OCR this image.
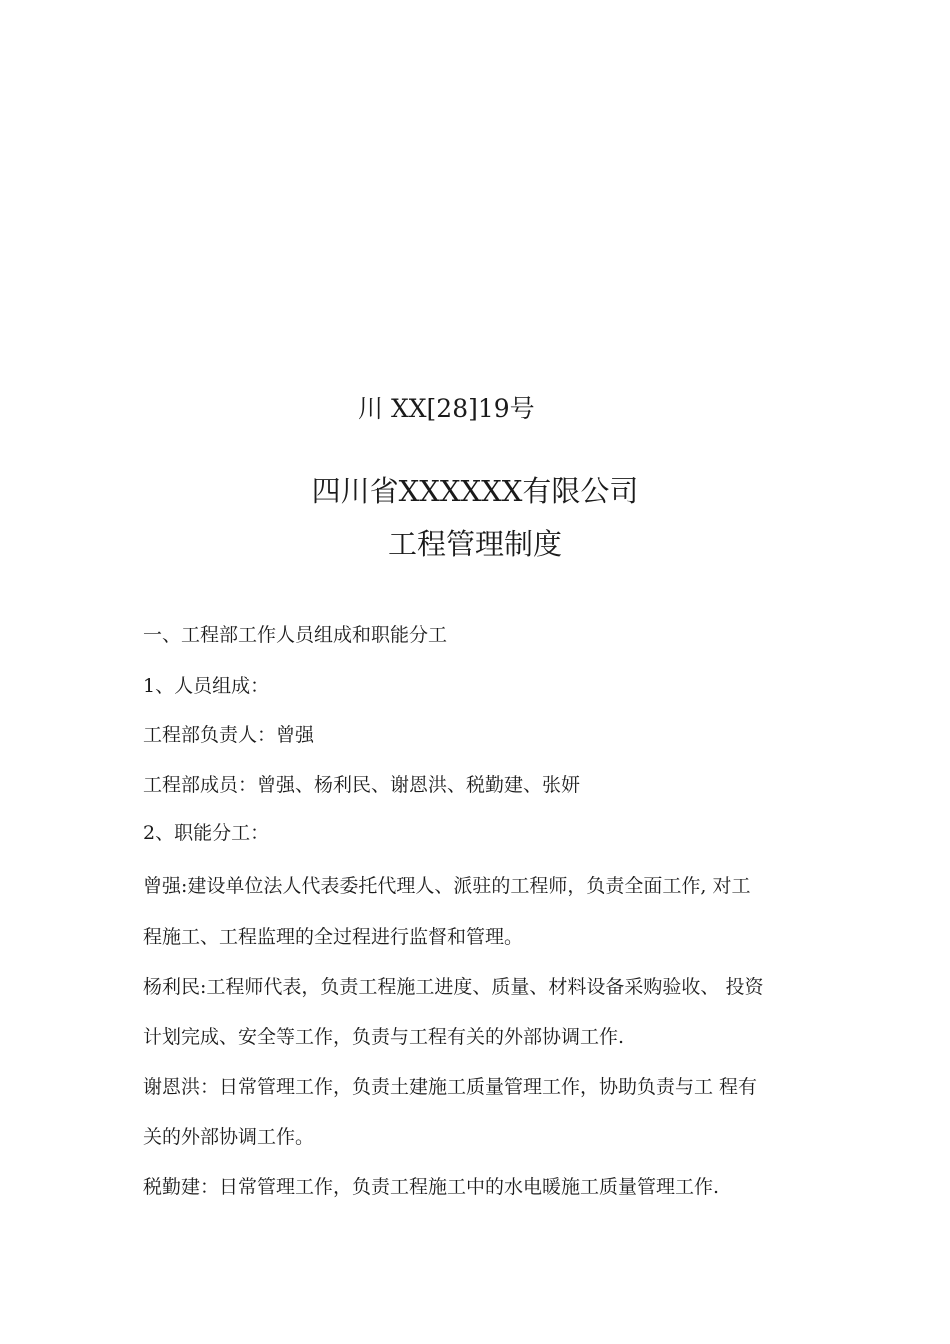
川 XX[28]19号
四川省XXXXXX有限公司
工程管理制度
一、工程部工作人员组成和职能分工
1、人员组成：
工程部负责人：曾强
工程部成员：曾强、杨利民、谢恩洪、税勤建、张妍
2、职能分工：
曾强:建设单位法人代表委托代理人、派驻的工程师，负责全面工作, 对工
程施工、工程监理的全过程进行监督和管理。
杨利民:工程师代表，负责工程施工进度、质量、材料设备采购验收、 投资
计划完成、安全等工作，负责与工程有关的外部协调工作.
谢恩洪：日常管理工作，负责土建施工质量管理工作，协助负责与工 程有
关的外部协调工作。
税勤建：日常管理工作，负责工程施工中的水电暖施工质量管理工作.
